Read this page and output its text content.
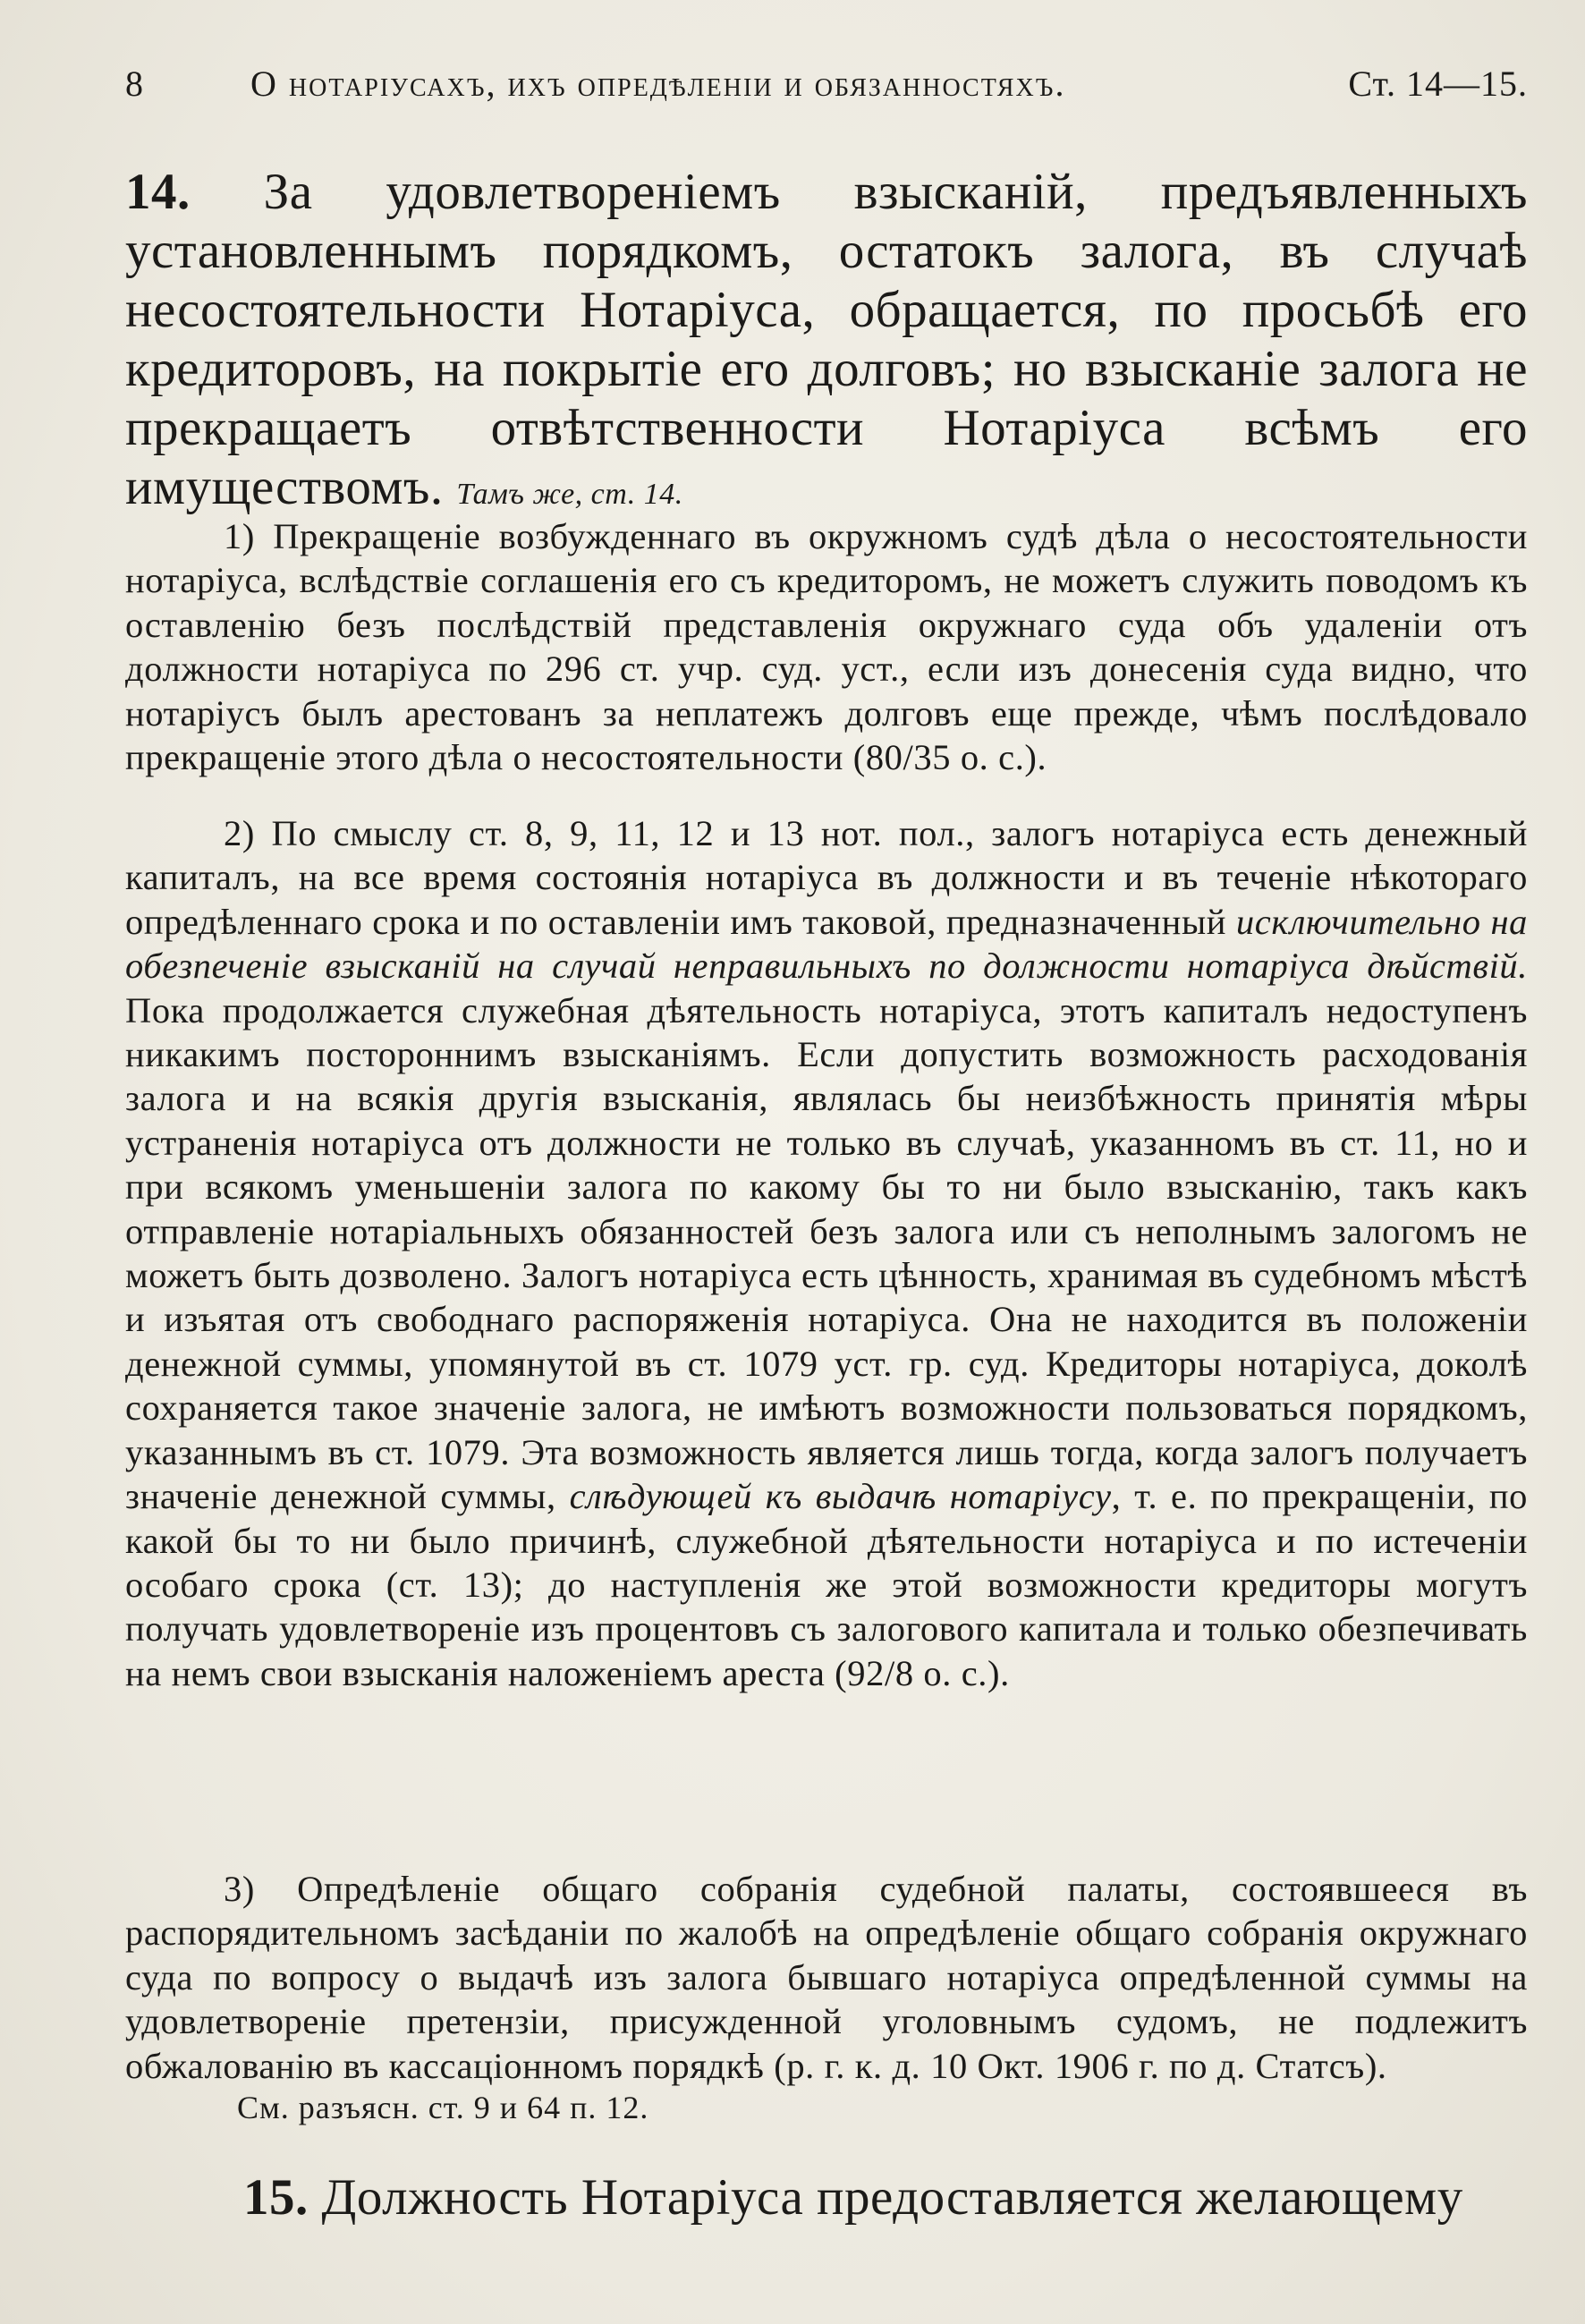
8	О нотаріусахъ, ихъ опредѣленіи и обязанностяхъ.	Ст. 14—15.
14. За удовлетвореніемъ взысканій, предъявленныхъ установленнымъ порядкомъ, остатокъ залога, въ случаѣ несостоятельности Нотаріуса, обращается, по просьбѣ его кредиторовъ, на покрытіе его долговъ; но взысканіе залога не прекращаетъ отвѣтственности Нотаріуса всѣмъ его имуществомъ. Тамъ же, ст. 14.

1) Прекращеніе возбужденнаго въ окружномъ судѣ дѣла о несостоятельности нотаріуса, вслѣдствіе соглашенія его съ кредиторомъ, не можетъ служить поводомъ къ оставленію безъ послѣдствій представленія окружнаго суда объ удаленіи отъ должности нотаріуса по 296 ст. учр. суд. уст., если изъ донесенія суда видно, что нотаріусъ былъ арестованъ за неплатежъ долговъ еще прежде, чѣмъ послѣдовало прекращеніе этого дѣла о несостоятельности (80/35 о. с.).

2) По смыслу ст. 8, 9, 11, 12 и 13 нот. пол., залогъ нотаріуса есть денежный капиталъ, на все время состоянія нотаріуса въ должности и въ теченіе нѣкотораго опредѣленнаго срока и по оставленіи имъ таковой, предназначенный исключительно на обезпеченіе взысканій на случай неправильныхъ по должности нотаріуса дѣйствій. Пока продолжается служебная дѣятельность нотаріуса, этотъ капиталъ недоступенъ никакимъ постороннимъ взысканіямъ. Если допустить возможность расходованія залога и на всякія другія взысканія, являлась бы неизбѣжность принятія мѣры устраненія нотаріуса отъ должности не только въ случаѣ, указанномъ въ ст. 11, но и при всякомъ уменьшеніи залога по какому бы то ни было взысканію, такъ какъ отправленіе нотаріальныхъ обязанностей безъ залога или съ неполнымъ залогомъ не можетъ быть дозволено. Залогъ нотаріуса есть цѣнность, хранимая въ судебномъ мѣстѣ и изъятая отъ свободнаго распоряженія нотаріуса. Она не находится въ положеніи денежной суммы, упомянутой въ ст. 1079 уст. гр. суд. Кредиторы нотаріуса, доколѣ сохраняется такое значеніе залога, не имѣютъ возможности пользоваться порядкомъ, указаннымъ въ ст. 1079. Эта возможность является лишь тогда, когда залогъ получаетъ значеніе денежной суммы, слѣдующей къ выдачѣ нотаріусу, т. е. по прекращеніи, по какой бы то ни было причинѣ, служебной дѣятельности нотаріуса и по истеченіи особаго срока (ст. 13); до наступленія же этой возможности кредиторы могутъ получать удовлетвореніе изъ процентовъ съ залогового капитала и только обезпечивать на немъ свои взысканія наложеніемъ ареста (92/8 о. с.).

3) Опредѣленіе общаго собранія судебной палаты, состоявшееся въ распорядительномъ засѣданіи по жалобѣ на опредѣленіе общаго собранія окружнаго суда по вопросу о выдачѣ изъ залога бывшаго нотаріуса опредѣленной суммы на удовлетвореніе претензіи, присужденной уголовнымъ судомъ, не подлежитъ обжалованію въ кассаціонномъ порядкѣ (р. г. к. д. 10 Окт. 1906 г. по д. Статсъ).

См. разъясн. ст. 9 и 64 п. 12.
15. Должность Нотаріуса предоставляется желающему
